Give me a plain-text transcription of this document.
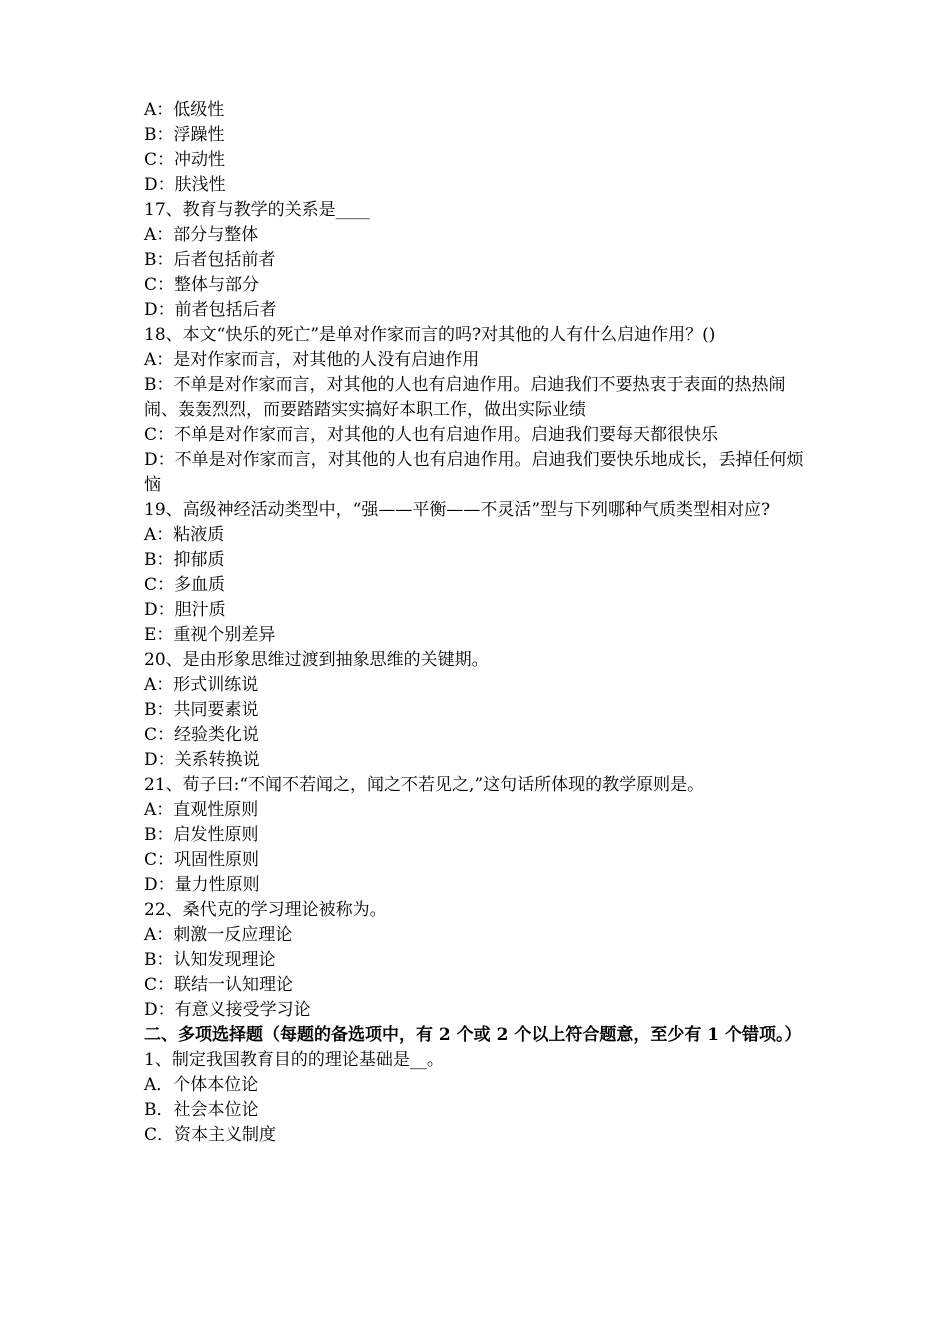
A：低级性
B：浮躁性
C：冲动性
D：肤浅性
17、教育与教学的关系是____
A：部分与整体
B：后者包括前者
C：整体与部分
D：前者包括后者
18、本文“快乐的死亡”是单对作家而言的吗?对其他的人有什么启迪作用？()
A：是对作家而言，对其他的人没有启迪作用
B：不单是对作家而言，对其他的人也有启迪作用。启迪我们不要热衷于表面的热热闹闹、轰轰烈烈，而要踏踏实实搞好本职工作，做出实际业绩
C：不单是对作家而言，对其他的人也有启迪作用。启迪我们要每天都很快乐
D：不单是对作家而言，对其他的人也有启迪作用。启迪我们要快乐地成长，丢掉任何烦恼
19、高级神经活动类型中，“强——平衡——不灵活”型与下列哪种气质类型相对应?
A：粘液质
B：抑郁质
C：多血质
D：胆汁质
E：重视个别差异
20、是由形象思维过渡到抽象思维的关键期。
A：形式训练说
B：共同要素说
C：经验类化说
D：关系转换说
21、荀子曰:“不闻不若闻之，闻之不若见之,”这句话所体现的教学原则是。
A：直观性原则
B：启发性原则
C：巩固性原则
D：量力性原则
22、桑代克的学习理论被称为。
A：刺激一反应理论
B：认知发现理论
C：联结一认知理论
D：有意义接受学习论
二、多项选择题（每题的备选项中，有 2 个或 2 个以上符合题意，至少有 1 个错项。）
1、制定我国教育目的的理论基础是__。
A．个体本位论
B．社会本位论
C．资本主义制度
